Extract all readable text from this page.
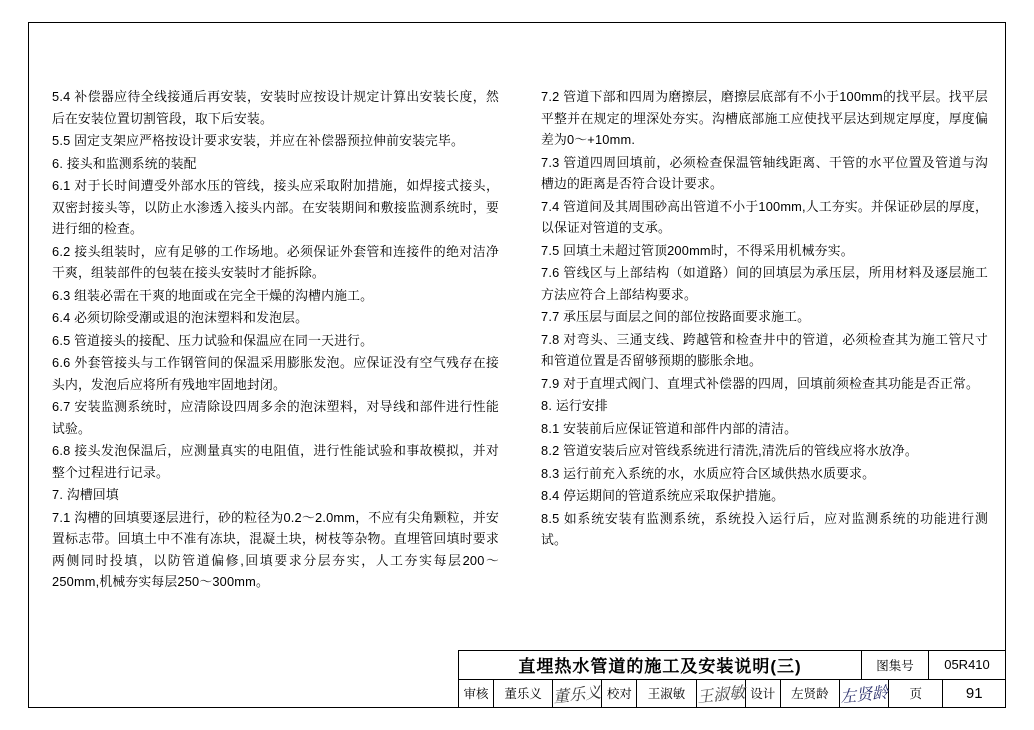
5.4 补偿器应待全线接通后再安装，安装时应按设计规定计算出安装长度，然后在安装位置切割管段，取下后安装。

5.5 固定支架应严格按设计要求安装，并应在补偿器预拉伸前安装完毕。

6. 接头和监测系统的装配

6.1 对于长时间遭受外部水压的管线，接头应采取附加措施，如焊接式接头，双密封接头等，以防止水渗透入接头内部。在安装期间和敷接监测系统时，要进行细的检查。

6.2 接头组装时，应有足够的工作场地。必须保证外套管和连接件的绝对洁净干爽，组装部件的包装在接头安装时才能拆除。

6.3 组装必需在干爽的地面或在完全干燥的沟槽内施工。

6.4 必须切除受潮或退的泡沫塑料和发泡层。

6.5 管道接头的接配、压力试验和保温应在同一天进行。

6.6 外套管接头与工作钢管间的保温采用膨胀发泡。应保证没有空气残存在接头内，发泡后应将所有残地牢固地封闭。

6.7 安装监测系统时，应清除设四周多余的泡沫塑料，对导线和部件进行性能试验。

6.8 接头发泡保温后，应测量真实的电阻值，进行性能试验和事故模拟，并对整个过程进行记录。

7. 沟槽回填

7.1 沟槽的回填要逐层进行，砂的粒径为0.2～2.0mm，不应有尖角颗粒，并安置标志带。回填土中不准有冻块，混凝土块，树枝等杂物。直埋管回填时要求两侧同时投填，以防管道偏修,回填要求分层夯实，人工夯实每层200～250mm,机械夯实每层250～300mm。

7.2 管道下部和四周为磨擦层，磨擦层底部有不小于100mm的找平层。找平层平整并在规定的埋深处夯实。沟槽底部施工应使找平层达到规定厚度，厚度偏差为0～+10mm.

7.3 管道四周回填前，必须检查保温管轴线距离、干管的水平位置及管道与沟槽边的距离是否符合设计要求。

7.4 管道间及其周围砂高出管道不小于100mm,人工夯实。并保证砂层的厚度，以保证对管道的支承。

7.5 回填土未超过管顶200mm时，不得采用机械夯实。

7.6 管线区与上部结构（如道路）间的回填层为承压层，所用材料及逐层施工方法应符合上部结构要求。

7.7 承压层与面层之间的部位按路面要求施工。

7.8 对弯头、三通支线、跨越管和检查井中的管道，必须检查其为施工管尺寸和管道位置是否留够预期的膨胀余地。

7.9 对于直埋式阀门、直埋式补偿器的四周，回填前须检查其功能是否正常。

8. 运行安排

8.1 安装前后应保证管道和部件内部的清洁。

8.2 管道安装后应对管线系统进行清洗,清洗后的管线应将水放净。

8.3 运行前充入系统的水，水质应符合区域供热水质要求。

8.4 停运期间的管道系统应采取保护措施。

8.5 如系统安装有监测系统，系统投入运行后，应对监测系统的功能进行测试。

直埋热水管道的施工及安装说明(三)	图集号	05R410
审核	董乐义 董乐义 校对	王淑敏 王淑敏 设计	左贤龄 左贤龄	页	91
